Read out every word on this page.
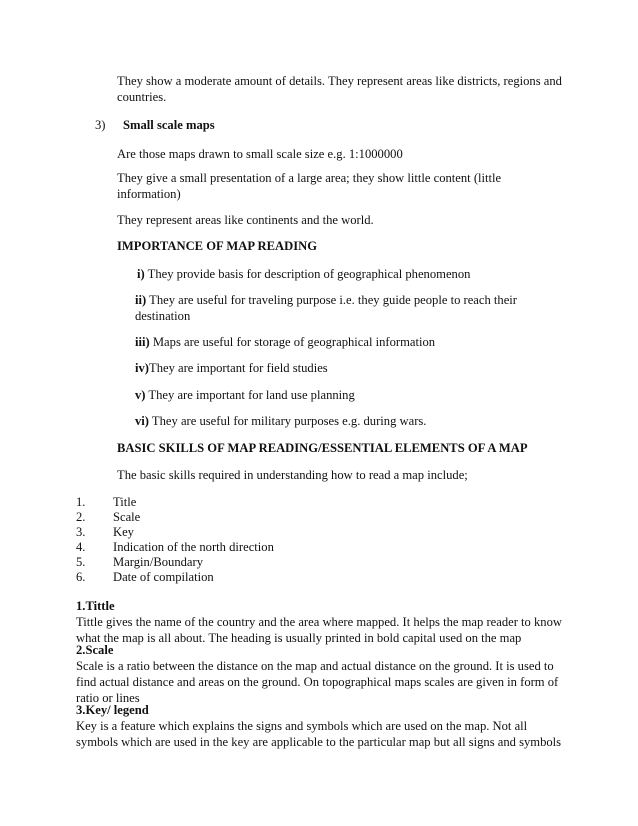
They show a moderate amount of details. They represent areas like districts, regions and countries.

3) Small scale maps

Are those maps drawn to small scale size e.g. 1:1000000

They give a small presentation of a large area; they show little content (little information)

They represent areas like continents and the world.

IMPORTANCE OF MAP READING
i) They provide basis for description of geographical phenomenon
ii) They are useful for traveling purpose i.e. they guide people to reach their destination
iii) Maps are useful for storage of geographical information
iv)They are important for field studies
v) They are important for land use planning
vi) They are useful for military purposes e.g. during wars.
BASIC SKILLS OF MAP READING/ESSENTIAL ELEMENTS OF A MAP

The basic skills required in understanding how to read a map include;

1. Title
2. Scale
3. Key
4. Indication of the north direction
5. Margin/Boundary
6. Date of compilation
1.Tittle

Tittle gives the name of the country and the area where mapped. It helps the map reader to know what the map is all about. The heading is usually printed in bold capital used on the map

2.Scale

Scale is a ratio between the distance on the map and actual distance on the ground. It is used to find actual distance and areas on the ground. On topographical maps scales are given in form of ratio or lines

3.Key/ legend

Key is a feature which explains the signs and symbols which are used on the map. Not all symbols which are used in the key are applicable to the particular map but all signs and symbols
